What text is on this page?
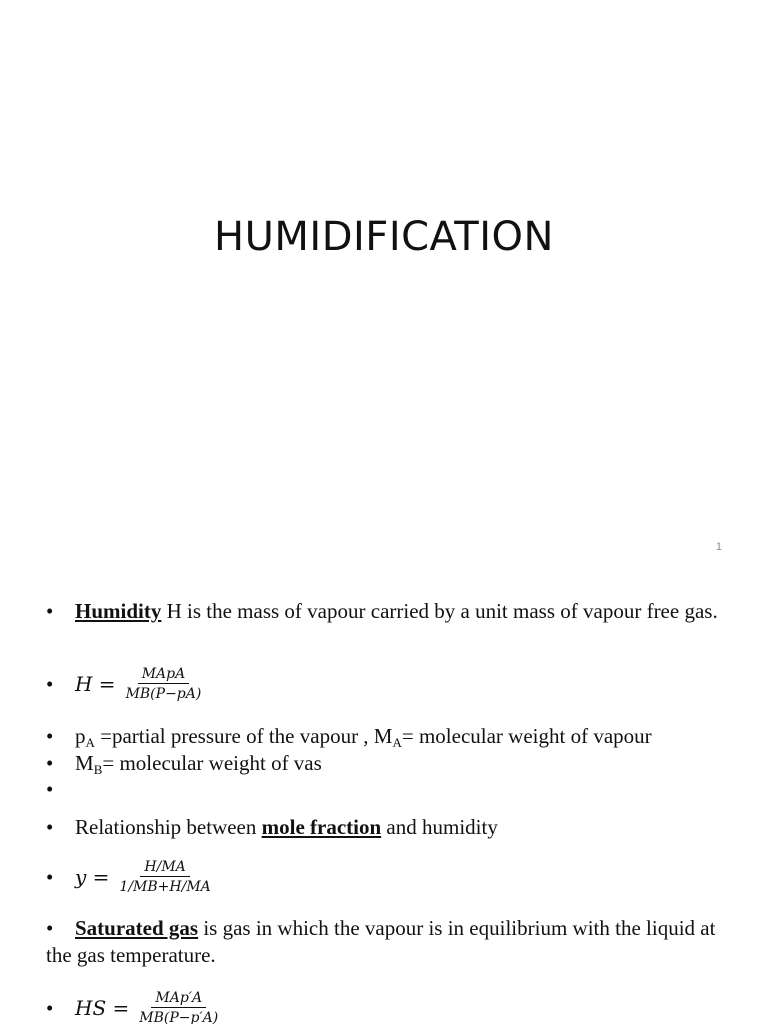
HUMIDIFICATION
1
• Humidity H is the mass of vapour carried by a unit mass of vapour free gas.
•	$H = \frac{\text{MApA}}{MB(P-pA)}$
• $p_A$ =partial pressure of the vapour , $M_A=$ molecular weight of vapour
• $M_B=$ molecular weight of vas
•
• Relationship between mole fraction and humidity
•	$y = \frac{H/MA}{1/MB+H/MA}$
• Saturated gas is gas in which the vapour is in equilibrium with the liquid at the gas temperature.
•	HS = $\frac{\text{MAp′A}}{MB(P-p'A)}$
